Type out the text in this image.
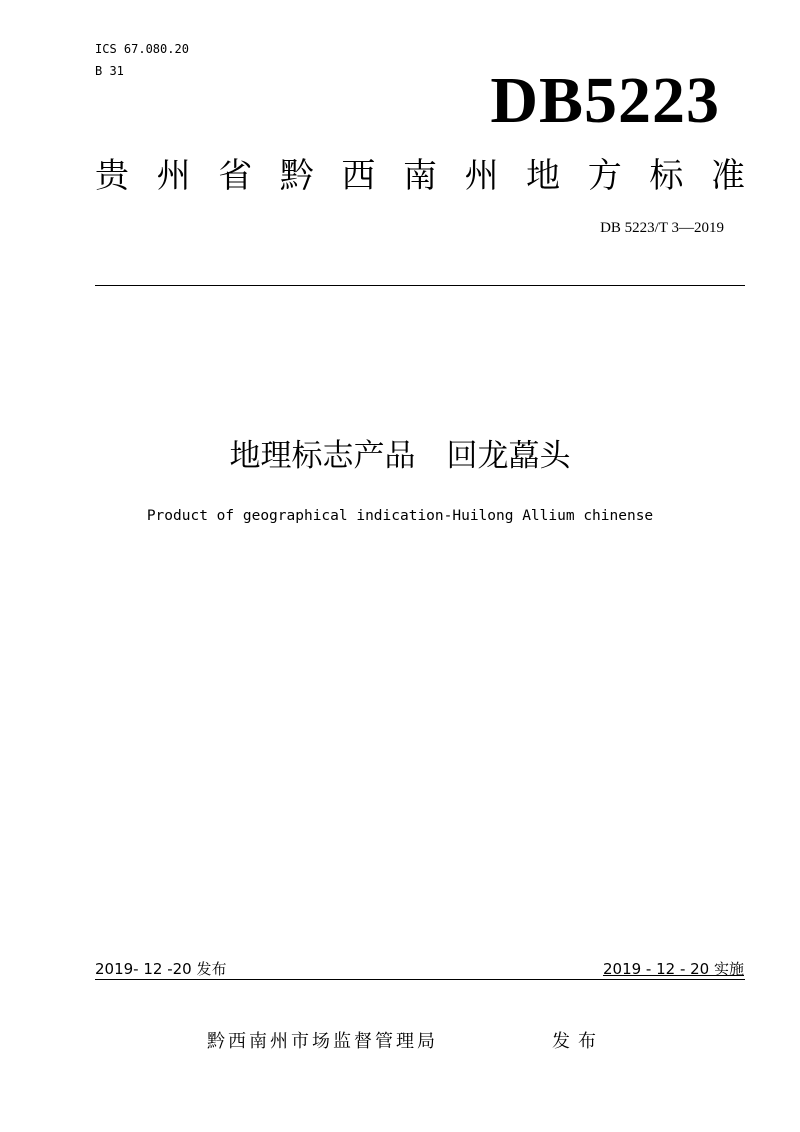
ICS 67.080.20
B 31	DB5223
贵 州 省 黔 西 南 州 地 方 标 准
DB 5223/T 3—2019
地理标志产品　回龙藠头
Product of geographical indication-Huilong Allium chinense
2019- 12 -20 发布	2019 - 12 - 20 实施
黔西南州市场监督管理局	发布
